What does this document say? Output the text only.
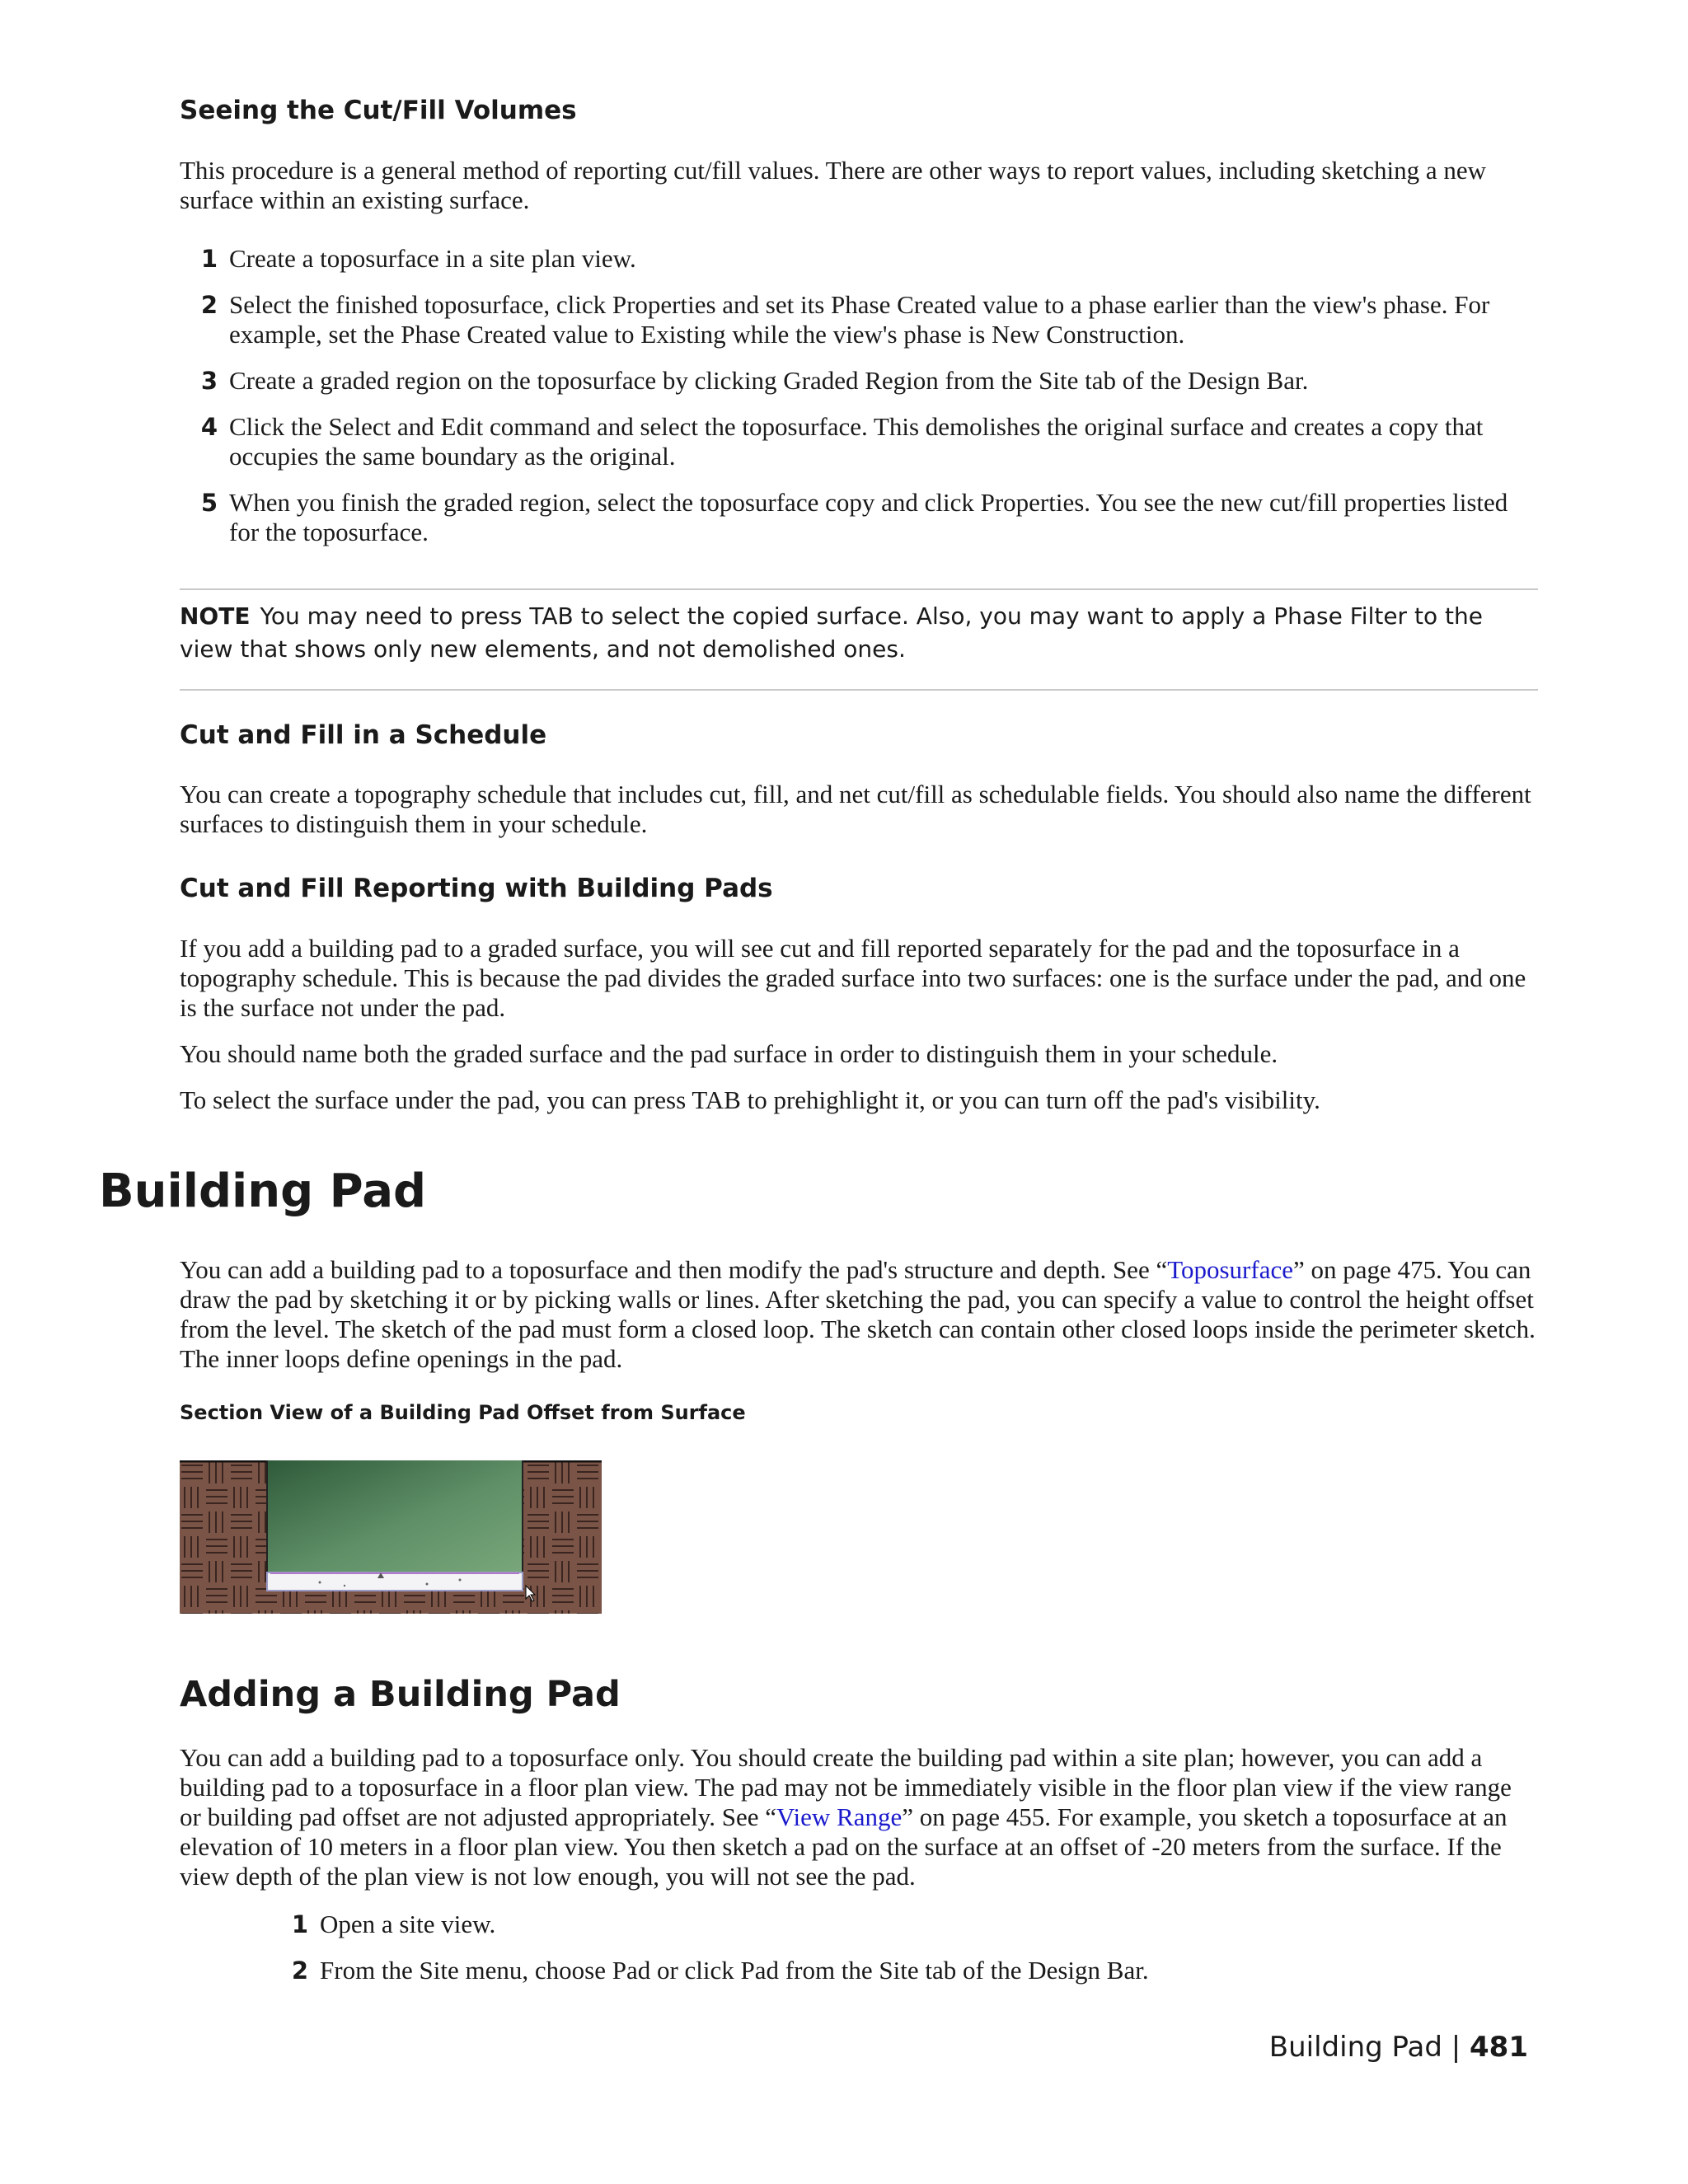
Seeing the Cut/Fill Volumes

This procedure is a general method of reporting cut/fill values. There are other ways to report values, including sketching a new surface within an existing surface.

1 Create a toposurface in a site plan view.
2 Select the finished toposurface, click Properties and set its Phase Created value to a phase earlier than the view's phase. For example, set the Phase Created value to Existing while the view's phase is New Construction.
3 Create a graded region on the toposurface by clicking Graded Region from the Site tab of the Design Bar.
4 Click the Select and Edit command and select the toposurface. This demolishes the original surface and creates a copy that occupies the same boundary as the original.
5 When you finish the graded region, select the toposurface copy and click Properties. You see the new cut/fill properties listed for the toposurface.
NOTE You may need to press TAB to select the copied surface. Also, you may want to apply a Phase Filter to the view that shows only new elements, and not demolished ones.
Cut and Fill in a Schedule

You can create a topography schedule that includes cut, fill, and net cut/fill as schedulable fields. You should also name the different surfaces to distinguish them in your schedule.

Cut and Fill Reporting with Building Pads

If you add a building pad to a graded surface, you will see cut and fill reported separately for the pad and the toposurface in a topography schedule. This is because the pad divides the graded surface into two surfaces: one is the surface under the pad, and one is the surface not under the pad.

You should name both the graded surface and the pad surface in order to distinguish them in your schedule.

To select the surface under the pad, you can press TAB to prehighlight it, or you can turn off the pad's visibility.

Building Pad

You can add a building pad to a toposurface and then modify the pad's structure and depth. See “Toposurface” on page 475. You can draw the pad by sketching it or by picking walls or lines. After sketching the pad, you can specify a value to control the height offset from the level. The sketch of the pad must form a closed loop. The sketch can contain other closed loops inside the perimeter sketch. The inner loops define openings in the pad.

Section View of a Building Pad Offset from Surface
Adding a Building Pad

You can add a building pad to a toposurface only. You should create the building pad within a site plan; however, you can add a building pad to a toposurface in a floor plan view. The pad may not be immediately visible in the floor plan view if the view range or building pad offset are not adjusted appropriately. See “View Range” on page 455. For example, you sketch a toposurface at an elevation of 10 meters in a floor plan view. You then sketch a pad on the surface at an offset of -20 meters from the surface. If the view depth of the plan view is not low enough, you will not see the pad.

1 Open a site view.
2 From the Site menu, choose Pad or click Pad from the Site tab of the Design Bar.
Building Pad | 481
